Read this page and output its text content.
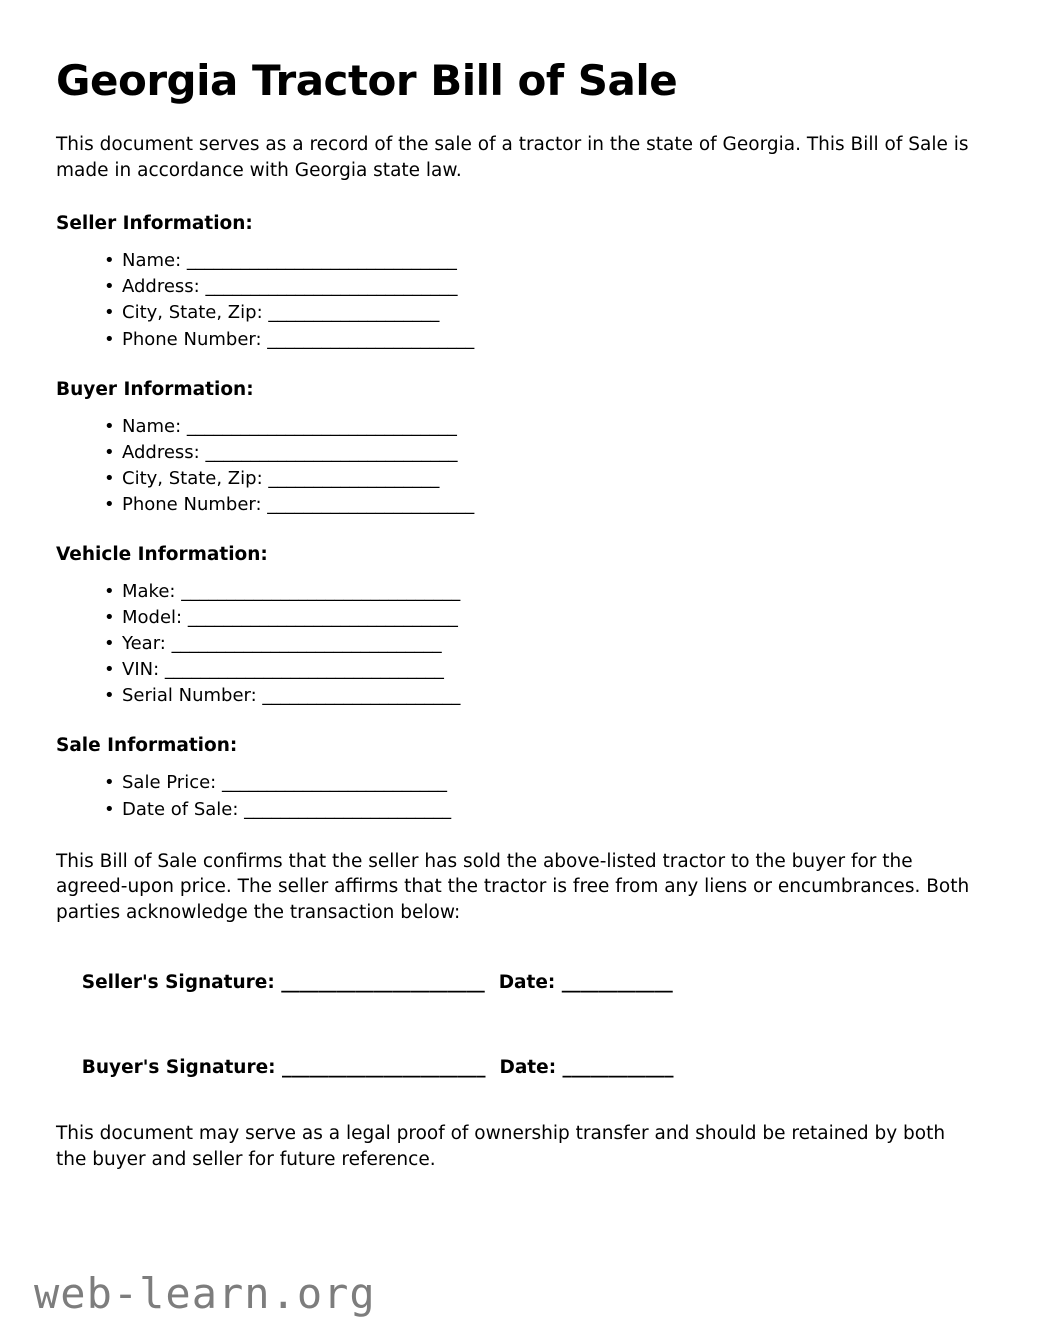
Georgia Tractor Bill of Sale

This document serves as a record of the sale of a tractor in the state of Georgia. This Bill of Sale is made in accordance with Georgia state law.

Seller Information:
• Name: ______________________________
• Address: ____________________________
• City, State, Zip: ___________________
• Phone Number: _______________________
Buyer Information:
• Name: ______________________________
• Address: ____________________________
• City, State, Zip: ___________________
• Phone Number: _______________________
Vehicle Information:
• Make: _______________________________
• Model: ______________________________
• Year: ______________________________
• VIN: _______________________________
• Serial Number: ______________________
Sale Information:
• Sale Price: _________________________
• Date of Sale: _______________________

This Bill of Sale confirms that the seller has sold the above-listed tractor to the buyer for the agreed-upon price. The seller affirms that the tractor is free from any liens or encumbrances. Both parties acknowledge the transaction below:

Seller's Signature: ______________________ Date: ____________

Buyer's Signature: ______________________ Date: ____________

This document may serve as a legal proof of ownership transfer and should be retained by both the buyer and seller for future reference.

web-learn.org
